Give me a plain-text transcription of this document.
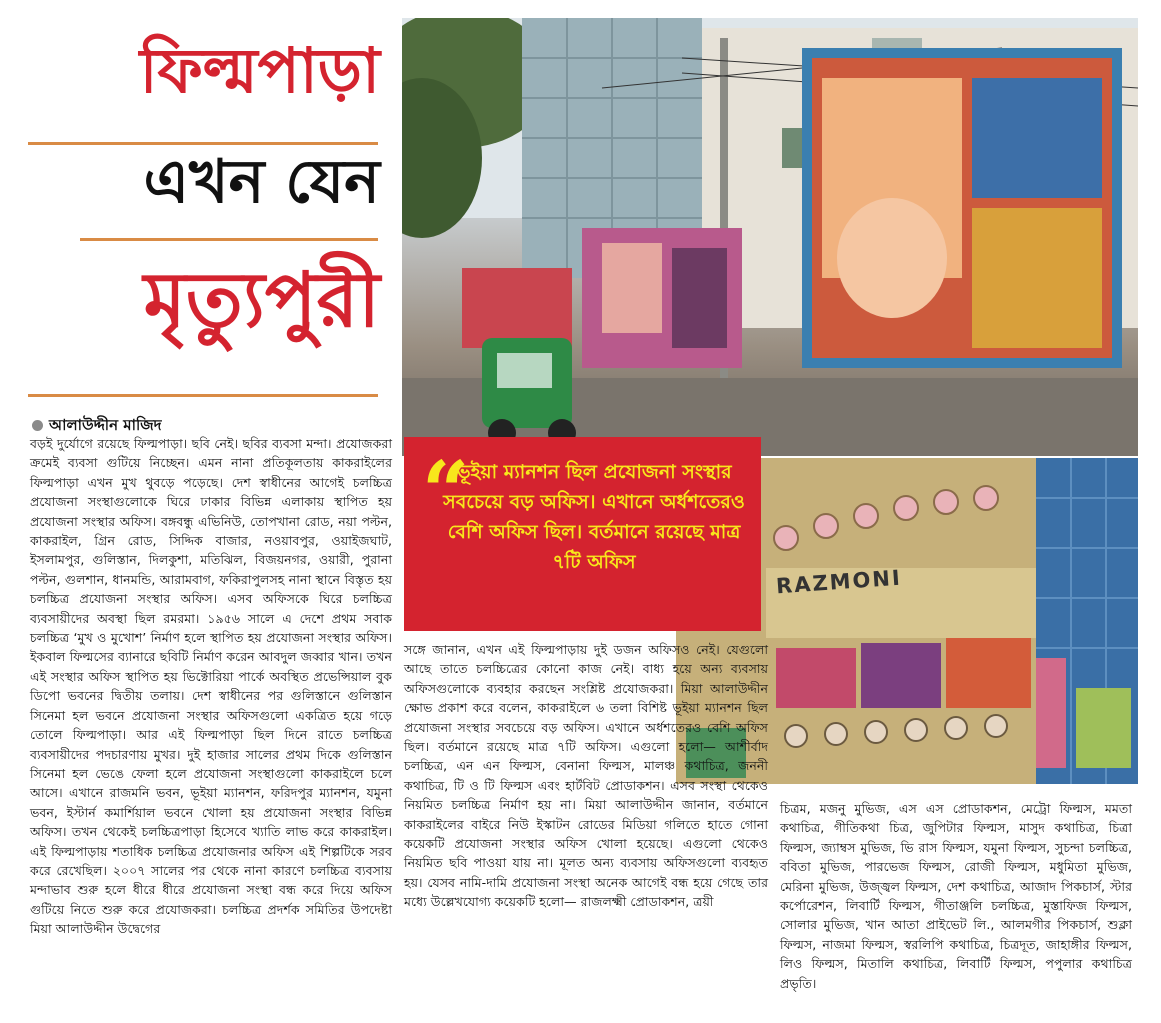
ফিল্মপাড়া
এখন যেন
মৃত্যুপুরী
আলাউদ্দীন মাজিদ
RAZMONI
“
ভূইয়া ম্যানশন ছিল প্রযোজনা সংস্থার সবচেয়ে বড় অফিস। এখানে অর্ধশতেরও বেশি অফিস ছিল। বর্তমানে রয়েছে মাত্র ৭টি অফিস

বড়ই দুর্যোগে রয়েছে ফিল্মপাড়া। ছবি নেই। ছবির ব্যবসা মন্দা। প্রযোজকরা ক্রমেই ব্যবসা গুটিয়ে নিচ্ছেন। এমন নানা প্রতিকূলতায় কাকরাইলের ফিল্মপাড়া এখন মুখ থুবড়ে পড়েছে। দেশ স্বাধীনের আগেই চলচ্চিত্র প্রযোজনা সংস্থাগুলোকে ঘিরে ঢাকার বিভিন্ন এলাকায় স্থাপিত হয় প্রযোজনা সংস্থার অফিস। বঙ্গবন্ধু এভিনিউ, তোপখানা রোড, নয়া পল্টন, কাকরাইল, গ্রিন রোড, সিদ্দিক বাজার, নওয়াবপুর, ওয়াইজঘাট, ইসলামপুর, গুলিস্তান, দিলকুশা, মতিঝিল, বিজয়নগর, ওয়ারী, পুরানা পল্টন, গুলশান, ধানমন্ডি, আরামবাগ, ফকিরাপুলসহ নানা স্থানে বিস্তৃত হয় চলচ্চিত্র প্রযোজনা সংস্থার অফিস। এসব অফিসকে ঘিরে চলচ্চিত্র ব্যবসায়ীদের অবস্থা ছিল রমরমা। ১৯৫৬ সালে এ দেশে প্রথম সবাক চলচ্চিত্র ‘মুখ ও মুখোশ’ নির্মাণ হলে স্থাপিত হয় প্রযোজনা সংস্থার অফিস। ইকবাল ফিল্মসের ব্যানারে ছবিটি নির্মাণ করেন আবদুল জব্বার খান। তখন এই সংস্থার অফিস স্থাপিত হয় ভিক্টোরিয়া পার্কে অবস্থিত প্রভেন্সিয়াল বুক ডিপো ভবনের দ্বিতীয় তলায়। দেশ স্বাধীনের পর গুলিস্তানে গুলিস্তান সিনেমা হল ভবনে প্রযোজনা সংস্থার অফিসগুলো একত্রিত হয়ে গড়ে তোলে ফিল্মপাড়া। আর এই ফিল্মপাড়া ছিল দিনে রাতে চলচ্চিত্র ব্যবসায়ীদের পদচারণায় মুখর। দুই হাজার সালের প্রথম দিকে গুলিস্তান সিনেমা হল ভেঙে ফেলা হলে প্রযোজনা সংস্থাগুলো কাকরাইলে চলে আসে। এখানে রাজমনি ভবন, ভূইয়া ম্যানশন, ফরিদপুর ম্যানশন, যমুনা ভবন, ইস্টার্ন কমার্শিয়াল ভবনে খোলা হয় প্রযোজনা সংস্থার বিভিন্ন অফিস। তখন থেকেই চলচ্চিত্রপাড়া হিসেবে খ্যাতি লাভ করে কাকরাইল। এই ফিল্মপাড়ায় শতাধিক চলচ্চিত্র প্রযোজনার অফিস এই শিল্পটিকে সরব করে রেখেছিল। ২০০৭ সালের পর থেকে নানা কারণে চলচ্চিত্র ব্যবসায় মন্দাভাব শুরু হলে ধীরে ধীরে প্রযোজনা সংস্থা বন্ধ করে দিয়ে অফিস গুটিয়ে নিতে শুরু করে প্রযোজকরা। চলচ্চিত্র প্রদর্শক সমিতির উপদেষ্টা মিয়া আলাউদ্দীন উদ্বেগের

সঙ্গে জানান, এখন এই ফিল্মপাড়ায় দুই ডজন অফিসও নেই। যেগুলো আছে তাতে চলচ্চিত্রের কোনো কাজ নেই। বাধ্য হয়ে অন্য ব্যবসায় অফিসগুলোকে ব্যবহার করছেন সংশ্লিষ্ট প্রযোজকরা। মিয়া আলাউদ্দীন ক্ষোভ প্রকাশ করে বলেন, কাকরাইলে ৬ তলা বিশিষ্ট ভূইয়া ম্যানশন ছিল প্রযোজনা সংস্থার সবচেয়ে বড় অফিস। এখানে অর্ধশতেরও বেশি অফিস ছিল। বর্তমানে রয়েছে মাত্র ৭টি অফিস। এগুলো হলো— আশীর্বাদ চলচ্চিত্র, এন এন ফিল্মস, বেনানা ফিল্মস, মালঞ্চ কথাচিত্র, জননী কথাচিত্র, টি ও টি ফিল্মস এবং হার্টবিট প্রোডাকশন। এসব সংস্থা থেকেও নিয়মিত চলচ্চিত্র নির্মাণ হয় না। মিয়া আলাউদ্দীন জানান, বর্তমানে কাকরাইলের বাইরে নিউ ইস্কাটন রোডের মিডিয়া গলিতে হাতে গোনা কয়েকটি প্রযোজনা সংস্থার অফিস খোলা হয়েছে। এগুলো থেকেও নিয়মিত ছবি পাওয়া যায় না। মূলত অন্য ব্যবসায় অফিসগুলো ব্যবহৃত হয়। যেসব নামি-দামি প্রযোজনা সংস্থা অনেক আগেই বন্ধ হয়ে গেছে তার মধ্যে উল্লেখযোগ্য কয়েকটি হলো— রাজলক্ষ্মী প্রোডাকশন, ত্রয়ী

চিত্রম, মজনু মুভিজ, এস এস প্রোডাকশন, মেট্রো ফিল্মস, মমতা কথাচিত্র, গীতিকথা চিত্র, জুপিটার ফিল্মস, মাসুদ কথাচিত্র, চিত্রা ফিল্মস, জ্যাম্বস মুভিজ, ভি রাস ফিল্মস, যমুনা ফিল্মস, সুচন্দা চলচ্চিত্র, ববিতা মুভিজ, পারভেজ ফিল্মস, রোজী ফিল্মস, মধুমিতা মুভিজ, মেরিনা মুভিজ, উজ্জ্বল ফিল্মস, দেশ কথাচিত্র, আজাদ পিকচার্স, স্টার কর্পোরেশন, লিবার্টি ফিল্মস, গীতাঞ্জলি চলচ্চিত্র, মুস্তাফিজ ফিল্মস, সোলার মুভিজ, খান আতা প্রাইভেট লি., আলমগীর পিকচার্স, শুক্লা ফিল্মস, নাজমা ফিল্মস, স্বরলিপি কথাচিত্র, চিত্রদূত, জাহাঙ্গীর ফিল্মস, লিও ফিল্মস, মিতালি কথাচিত্র, লিবার্টি ফিল্মস, পপুলার কথাচিত্র প্রভৃতি।
